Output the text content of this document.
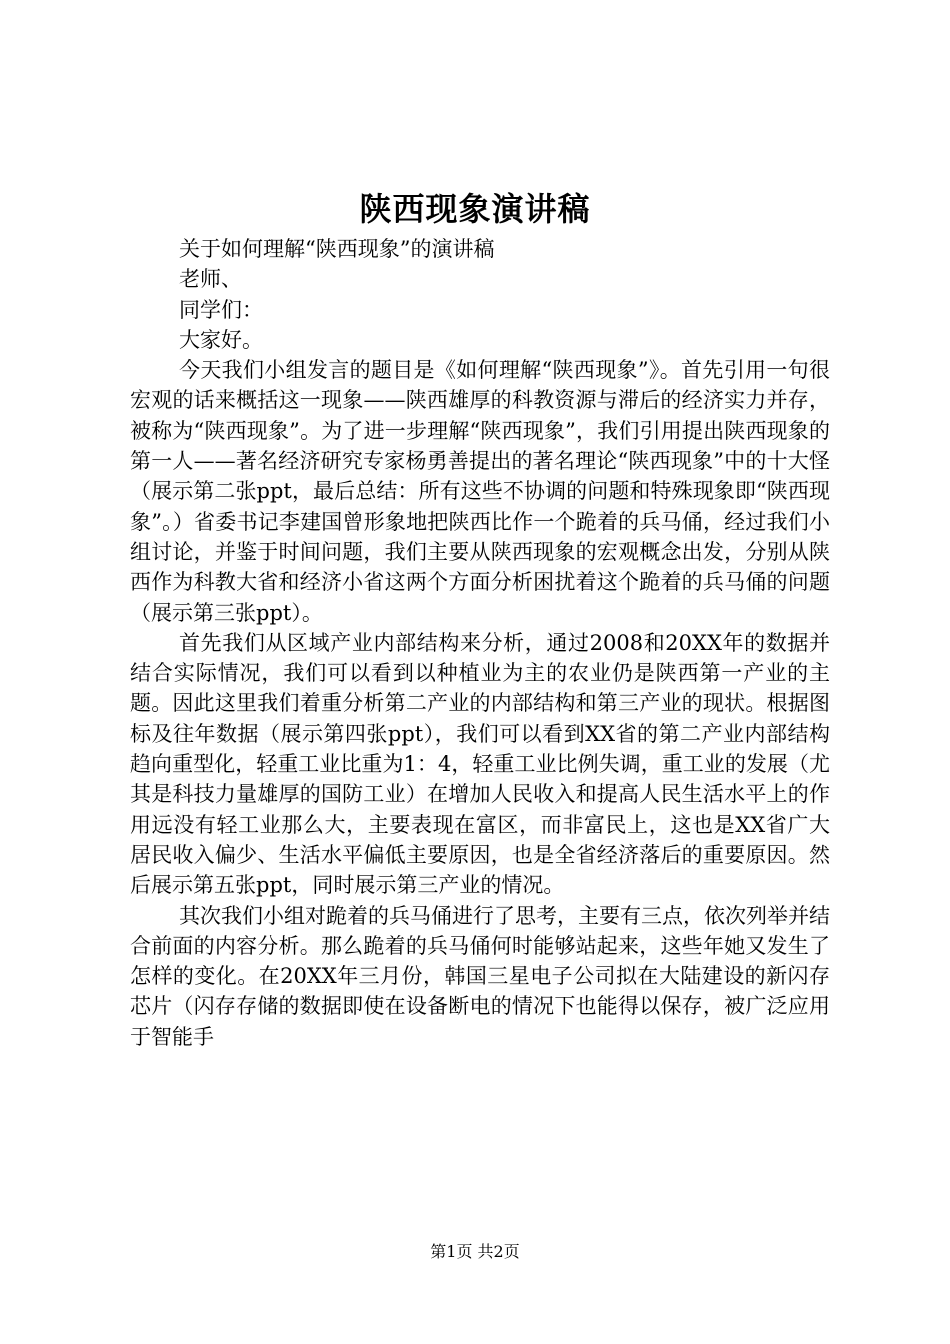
陕西现象演讲稿

关于如何理解“陕西现象”的演讲稿

老师、

同学们：

大家好。

今天我们小组发言的题目是《如何理解“陕西现象”》。首先引用一句很宏观的话来概括这一现象——陕西雄厚的科教资源与滞后的经济实力并存，被称为“陕西现象”。为了进一步理解“陕西现象”，我们引用提出陕西现象的第一人——著名经济研究专家杨勇善提出的著名理论“陕西现象”中的十大怪（展示第二张ppt，最后总结：所有这些不协调的问题和特殊现象即“陕西现象”。）省委书记李建国曾形象地把陕西比作一个跪着的兵马俑，经过我们小组讨论，并鉴于时间问题，我们主要从陕西现象的宏观概念出发，分别从陕西作为科教大省和经济小省这两个方面分析困扰着这个跪着的兵马俑的问题（展示第三张ppt）。

首先我们从区域产业内部结构来分析，通过2008和20XX年的数据并结合实际情况，我们可以看到以种植业为主的农业仍是陕西第一产业的主题。因此这里我们着重分析第二产业的内部结构和第三产业的现状。根据图标及往年数据（展示第四张ppt），我们可以看到XX省的第二产业内部结构趋向重型化，轻重工业比重为1：4，轻重工业比例失调，重工业的发展（尤其是科技力量雄厚的国防工业）在增加人民收入和提高人民生活水平上的作用远没有轻工业那么大，主要表现在富区，而非富民上，这也是XX省广大居民收入偏少、生活水平偏低主要原因，也是全省经济落后的重要原因。然后展示第五张ppt，同时展示第三产业的情况。

其次我们小组对跪着的兵马俑进行了思考，主要有三点，依次列举并结合前面的内容分析。那么跪着的兵马俑何时能够站起来，这些年她又发生了怎样的变化。在20XX年三月份，韩国三星电子公司拟在大陆建设的新闪存芯片（闪存存储的数据即使在设备断电的情况下也能得以保存，被广泛应用于智能手

第1页 共2页
